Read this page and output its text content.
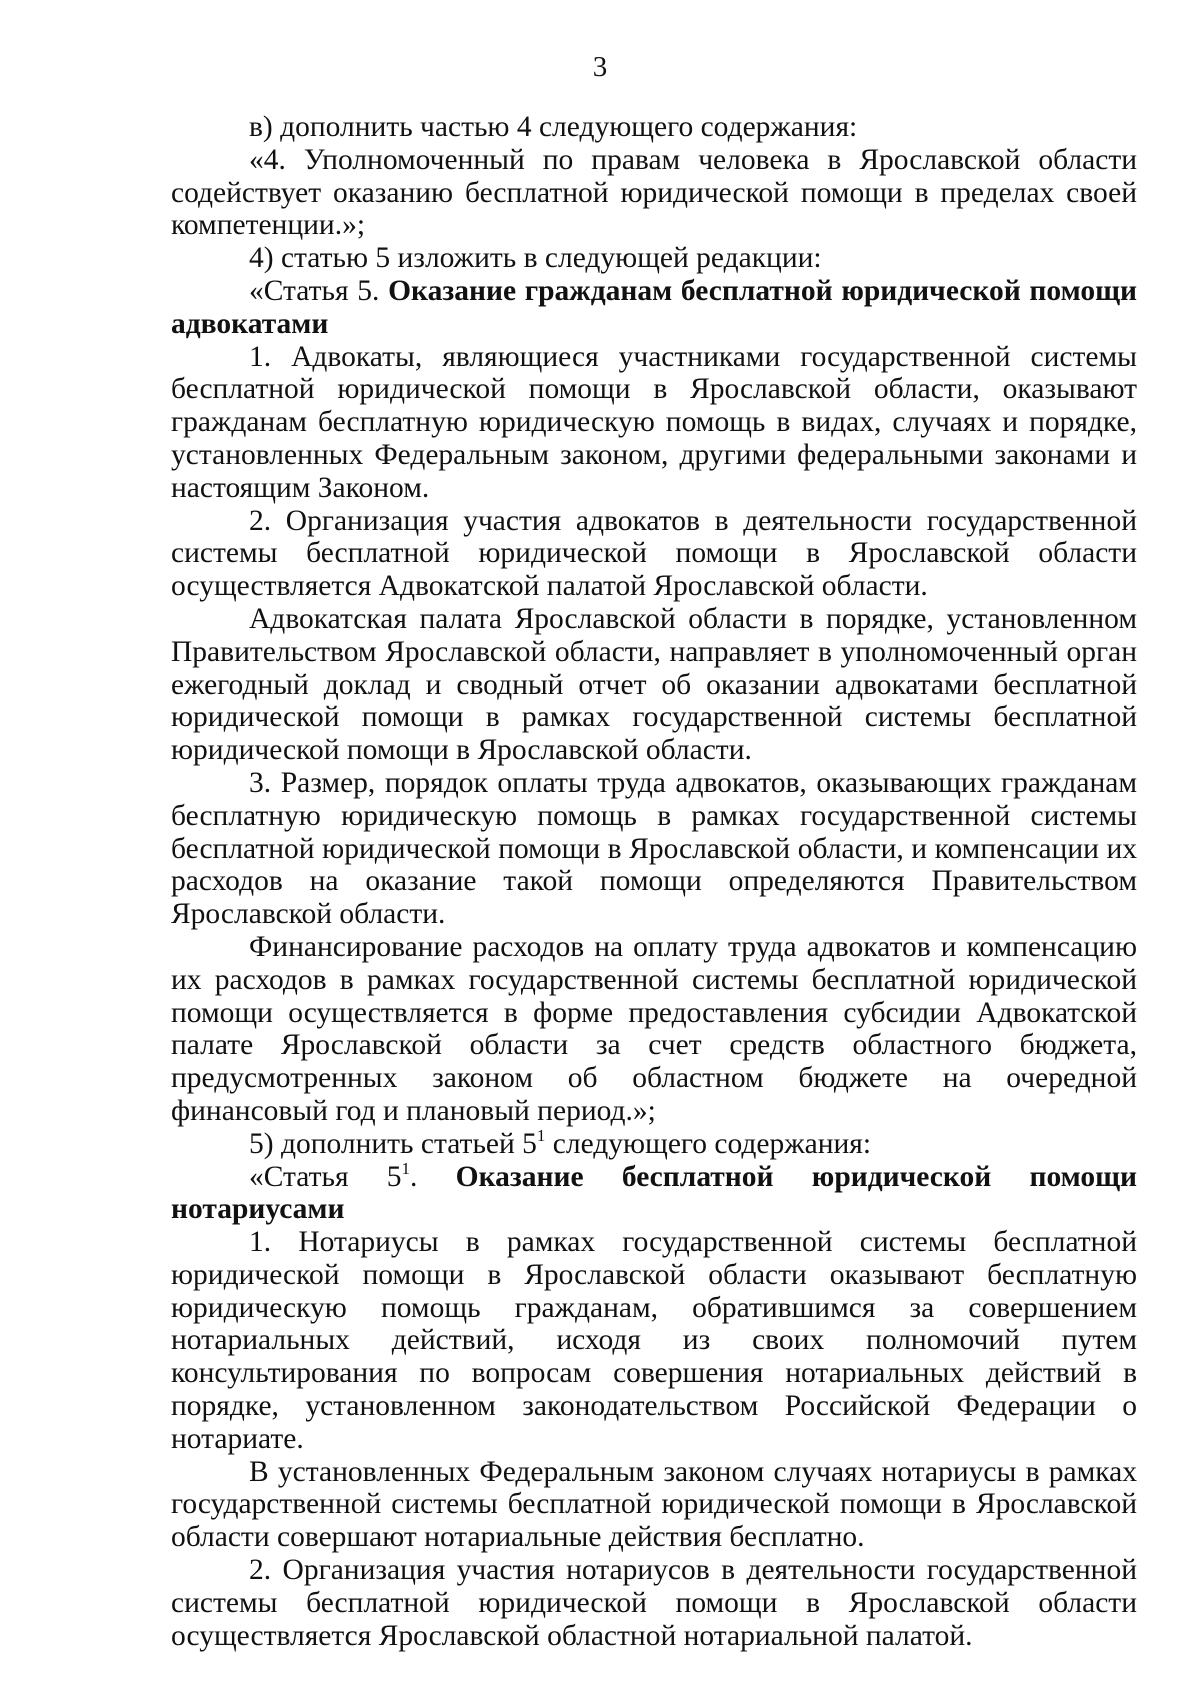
3

в) дополнить частью 4 следующего содержания:

«4. Уполномоченный по правам человека в Ярославской области содействует оказанию бесплатной юридической помощи в пределах своей компетенции.»;

4) статью 5 изложить в следующей редакции:

«Статья 5. Оказание гражданам бесплатной юридической помощи адвокатами

1. Адвокаты, являющиеся участниками государственной системы бесплатной юридической помощи в Ярославской области, оказывают гражданам бесплатную юридическую помощь в видах, случаях и порядке, установленных Федеральным законом, другими федеральными законами и настоящим Законом.

2. Организация участия адвокатов в деятельности государственной системы бесплатной юридической помощи в Ярославской области осуществляется Адвокатской палатой Ярославской области.

Адвокатская палата Ярославской области в порядке, установленном Правительством Ярославской области, направляет в уполномоченный орган ежегодный доклад и сводный отчет об оказании адвокатами бесплатной юридической помощи в рамках государственной системы бесплатной юридической помощи в Ярославской области.

3. Размер, порядок оплаты труда адвокатов, оказывающих гражданам бесплатную юридическую помощь в рамках государственной системы бесплатной юридической помощи в Ярославской области, и компенсации их расходов на оказание такой помощи определяются Правительством Ярославской области.

Финансирование расходов на оплату труда адвокатов и компенсацию их расходов в рамках государственной системы бесплатной юридической помощи осуществляется в форме предоставления субсидии Адвокатской палате Ярославской области за счет средств областного бюджета, предусмотренных законом об областном бюджете на очередной финансовый год и плановый период.»;

5) дополнить статьей $5^1$ следующего содержания:

«Статья $5^1$. Оказание бесплатной юридической помощи нотариусами

1. Нотариусы в рамках государственной системы бесплатной юридической помощи в Ярославской области оказывают бесплатную юридическую помощь гражданам, обратившимся за совершением нотариальных действий, исходя из своих полномочий путем консультирования по вопросам совершения нотариальных действий в порядке, установленном законодательством Российской Федерации о нотариате.

В установленных Федеральным законом случаях нотариусы в рамках государственной системы бесплатной юридической помощи в Ярославской области совершают нотариальные действия бесплатно.

2. Организация участия нотариусов в деятельности государственной системы бесплатной юридической помощи в Ярославской области осуществляется Ярославской областной нотариальной палатой.
